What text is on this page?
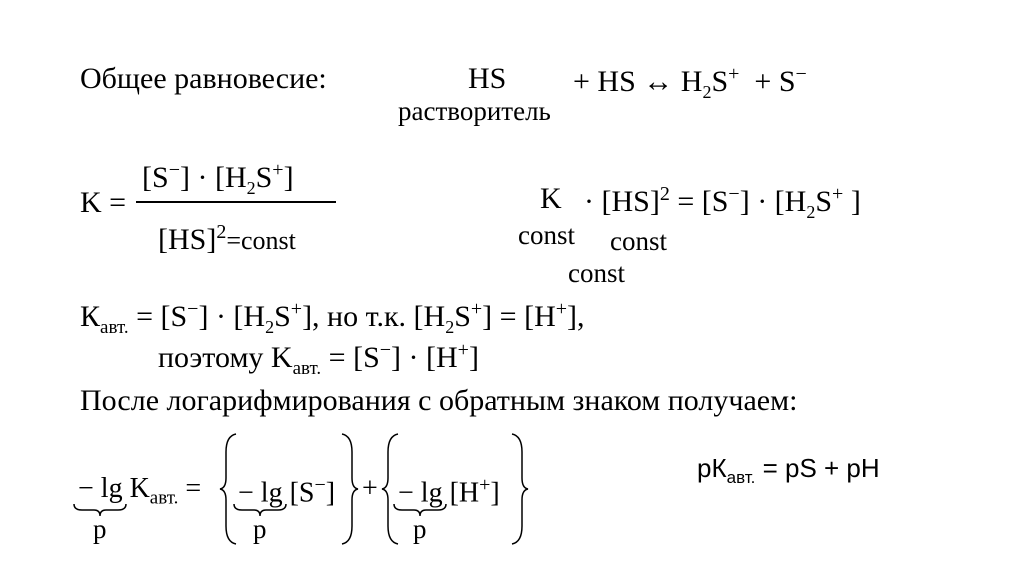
Общее равновесие:	HS
растворитель
+ HS ↔ $H_2S^+ + S^-$
K =
$[S^-] \cdot [H_2S^+]$
[HS]$^2$=const
$K \cdot [HS]^2 = [S^-] \cdot [H_2S^+$ ]
const const
const
$К_{авт.} = [S^-] \cdot [H_2S^+]$, но т.к. $[H_2S^+] = [H^+]$,
поэтому $K_{авт.} = [S^-] \cdot [H^+]$
После логарифмирования с обратным знаком получаем:
− $\lg K_{авт.}$ = − lg [S−] + − lg [H+]
p	p	p
$pК_{авт.}$ = pS + pH
